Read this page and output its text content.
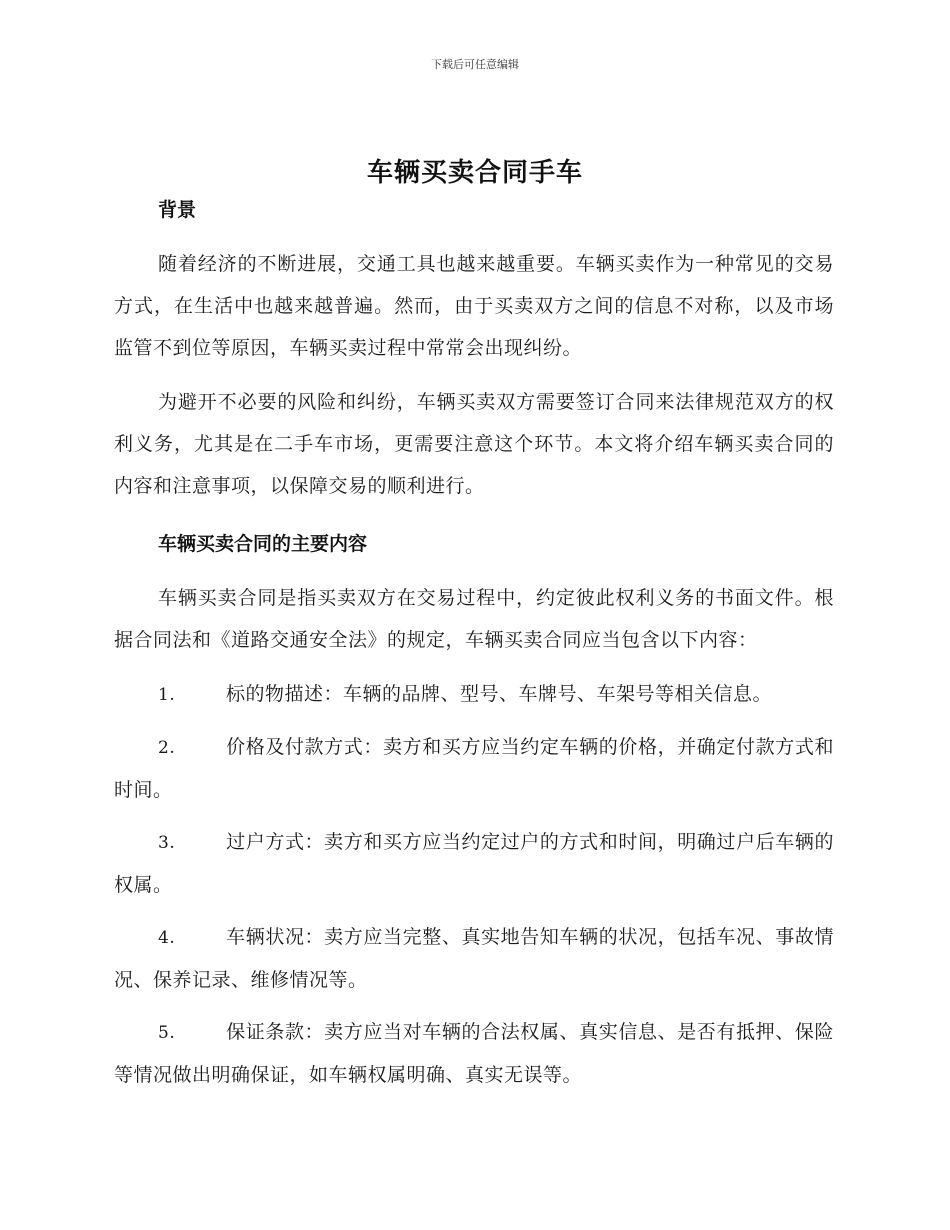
下载后可任意编辑
车辆买卖合同手车
背景

随着经济的不断进展，交通工具也越来越重要。车辆买卖作为一种常见的交易方式，在生活中也越来越普遍。然而，由于买卖双方之间的信息不对称，以及市场监管不到位等原因，车辆买卖过程中常常会出现纠纷。

为避开不必要的风险和纠纷，车辆买卖双方需要签订合同来法律规范双方的权利义务，尤其是在二手车市场，更需要注意这个环节。本文将介绍车辆买卖合同的内容和注意事项，以保障交易的顺利进行。

车辆买卖合同的主要内容

车辆买卖合同是指买卖双方在交易过程中，约定彼此权利义务的书面文件。根据合同法和《道路交通安全法》的规定，车辆买卖合同应当包含以下内容：

1.	标的物描述：车辆的品牌、型号、车牌号、车架号等相关信息。

2.	价格及付款方式：卖方和买方应当约定车辆的价格，并确定付款方式和时间。

3.	过户方式：卖方和买方应当约定过户的方式和时间，明确过户后车辆的权属。

4.	车辆状况：卖方应当完整、真实地告知车辆的状况，包括车况、事故情况、保养记录、维修情况等。

5.	保证条款：卖方应当对车辆的合法权属、真实信息、是否有抵押、保险等情况做出明确保证，如车辆权属明确、真实无误等。
